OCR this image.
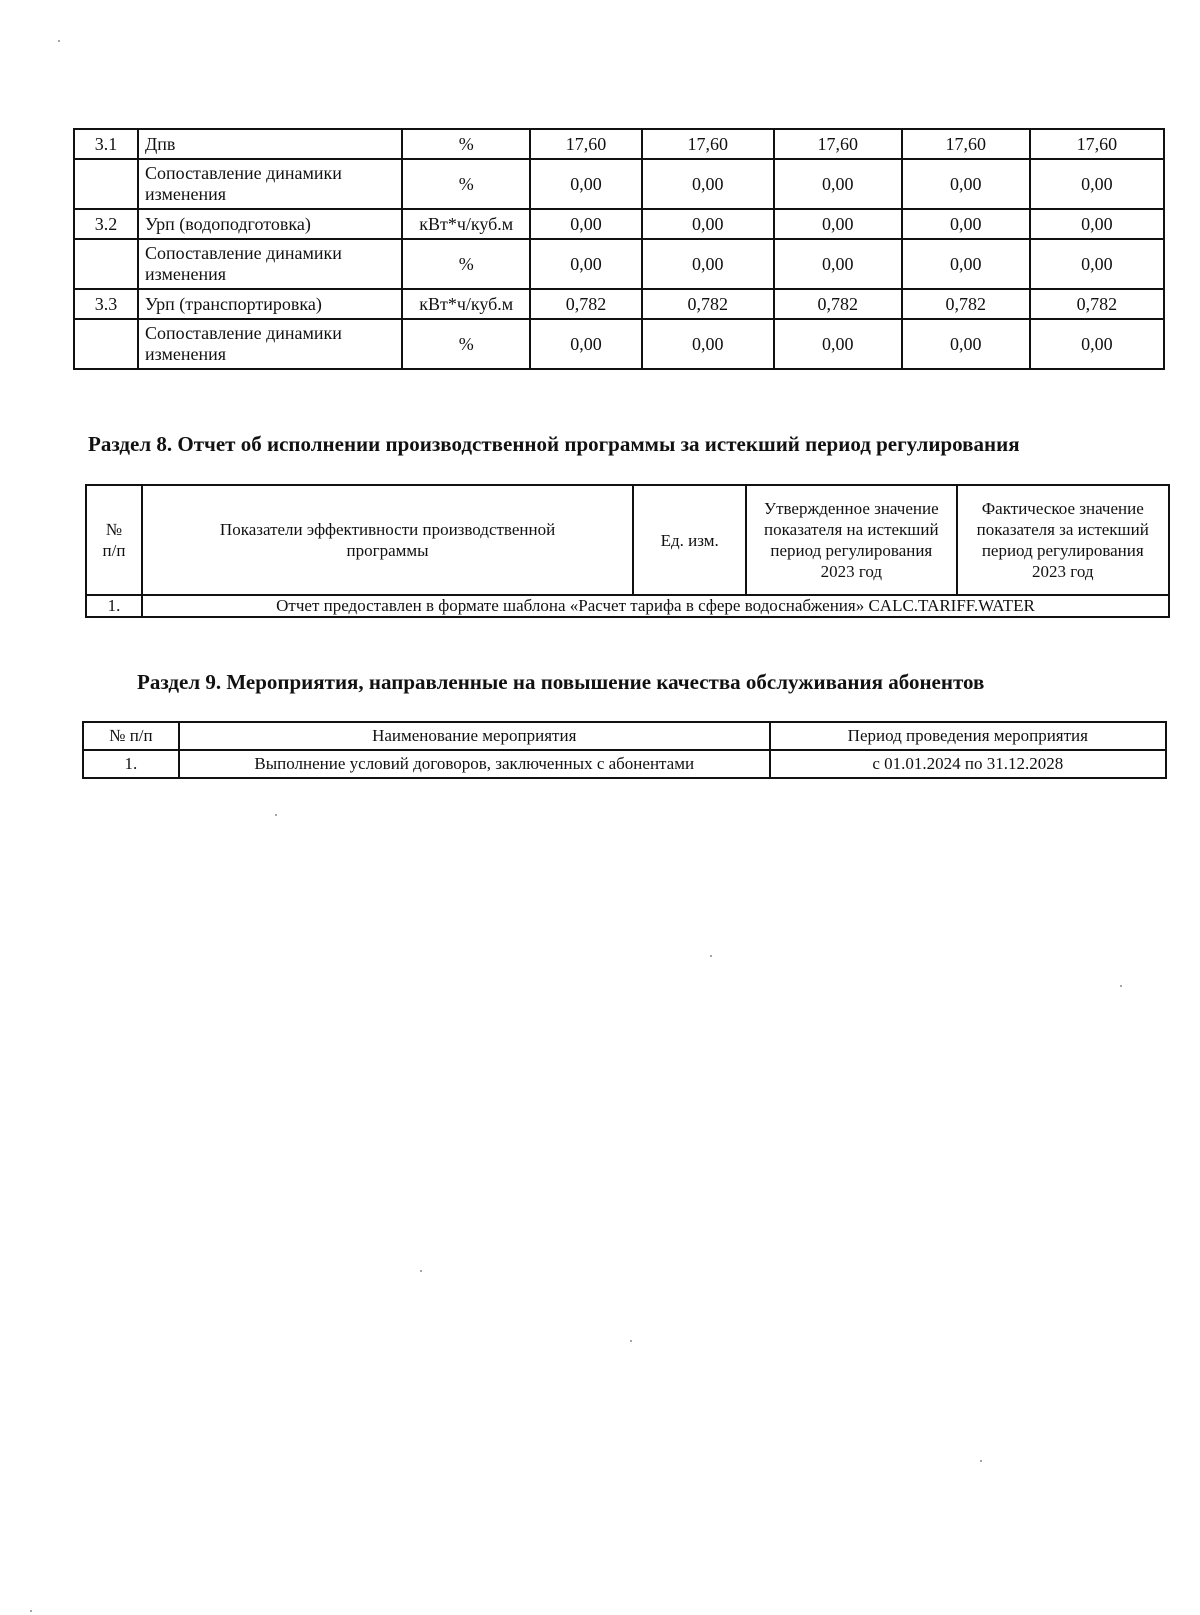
3.1	Дпв	%	17,60	17,60	17,60	17,60	17,60
	Сопоставление динамики изменения	%	0,00	0,00	0,00	0,00	0,00
3.2	Урп (водоподготовка)	кВт*ч/куб.м	0,00	0,00	0,00	0,00	0,00
	Сопоставление динамики изменения	%	0,00	0,00	0,00	0,00	0,00
3.3	Урп (транспортировка)	кВт*ч/куб.м	0,782	0,782	0,782	0,782	0,782
	Сопоставление динамики изменения	%	0,00	0,00	0,00	0,00	0,00
Раздел 8. Отчет об исполнении производственной программы за истекший период регулирования
№ п/п	Показатели эффективности производственной программы	Ед. изм.	Утвержденное значение показателя на истекший период регулирования 2023 год	Фактическое значение показателя за истекший период регулирования 2023 год
1.	Отчет предоставлен в формате шаблона «Расчет тарифа в сфере водоснабжения» CALC.TARIFF.WATER			
Раздел 9. Мероприятия, направленные на повышение качества обслуживания абонентов
№ п/п	Наименование мероприятия	Период проведения мероприятия
1.	Выполнение условий договоров, заключенных с абонентами	с 01.01.2024 по 31.12.2028
